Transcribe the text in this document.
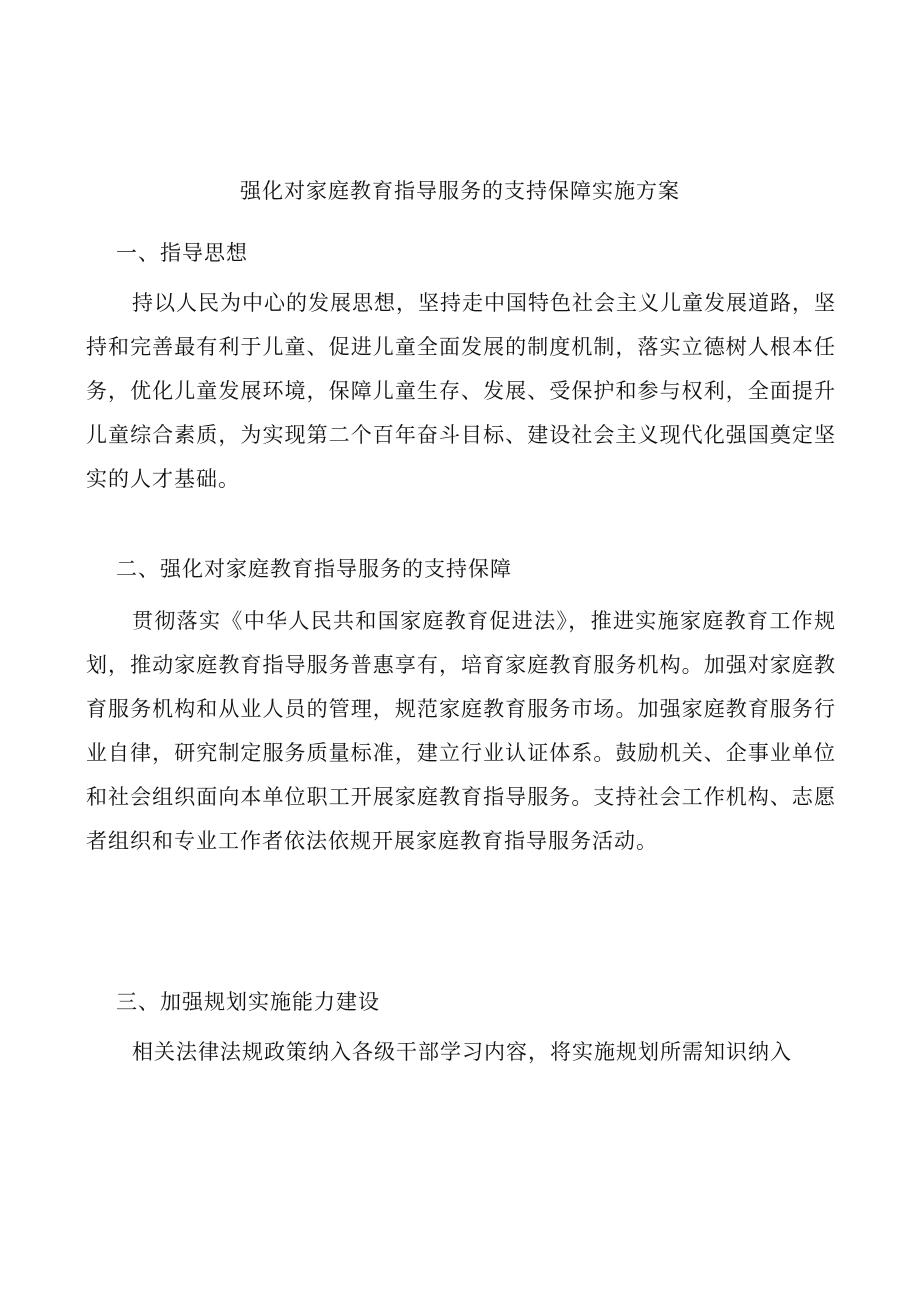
强化对家庭教育指导服务的支持保障实施方案
一、指导思想

持以人民为中心的发展思想，坚持走中国特色社会主义儿童发展道路，坚持和完善最有利于儿童、促进儿童全面发展的制度机制，落实立德树人根本任务，优化儿童发展环境，保障儿童生存、发展、受保护和参与权利，全面提升儿童综合素质，为实现第二个百年奋斗目标、建设社会主义现代化强国奠定坚实的人才基础。

二、强化对家庭教育指导服务的支持保障

贯彻落实《中华人民共和国家庭教育促进法》，推进实施家庭教育工作规划，推动家庭教育指导服务普惠享有，培育家庭教育服务机构。加强对家庭教育服务机构和从业人员的管理，规范家庭教育服务市场。加强家庭教育服务行业自律，研究制定服务质量标准，建立行业认证体系。鼓励机关、企事业单位和社会组织面向本单位职工开展家庭教育指导服务。支持社会工作机构、志愿者组织和专业工作者依法依规开展家庭教育指导服务活动。

三、加强规划实施能力建设

相关法律法规政策纳入各级干部学习内容，将实施规划所需知识纳入
